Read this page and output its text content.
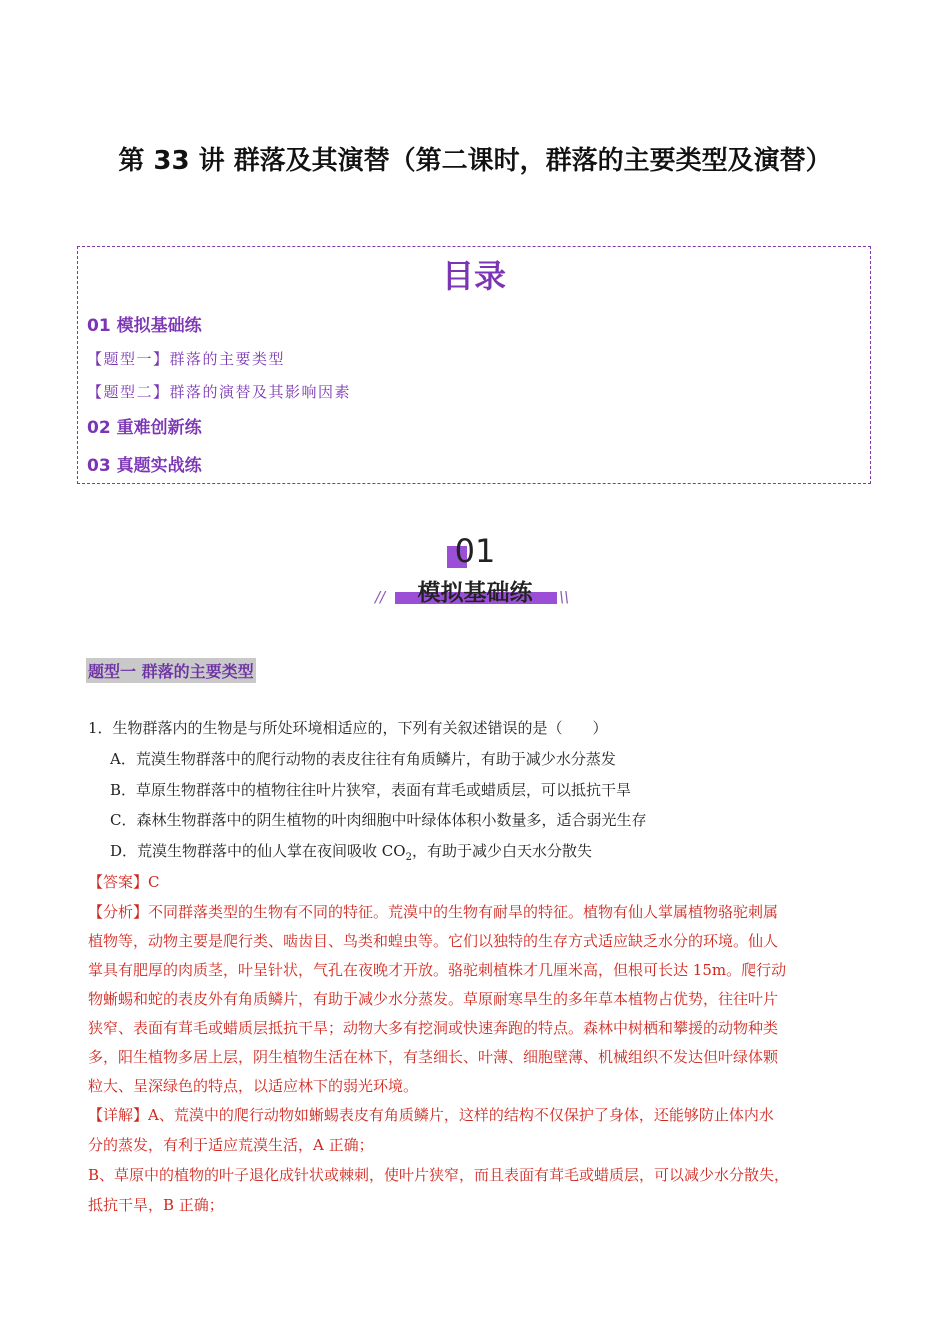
第 33 讲 群落及其演替（第二课时，群落的主要类型及演替）
目录
01 模拟基础练
【题型一】群落的主要类型
【题型二】群落的演替及其影响因素
02 重难创新练
03 真题实战练
01
模拟基础练
//	\\
题型一 群落的主要类型
1．生物群落内的生物是与所处环境相适应的，下列有关叙述错误的是（　　）
A．荒漠生物群落中的爬行动物的表皮往往有角质鳞片，有助于减少水分蒸发
B．草原生物群落中的植物往往叶片狭窄，表面有茸毛或蜡质层，可以抵抗干旱
C．森林生物群落中的阴生植物的叶肉细胞中叶绿体体积小数量多，适合弱光生存
D．荒漠生物群落中的仙人掌在夜间吸收 $CO_2$，有助于减少白天水分散失
【答案】C
【分析】不同群落类型的生物有不同的特征。荒漠中的生物有耐旱的特征。植物有仙人掌属植物骆驼刺属
植物等，动物主要是爬行类、啮齿目、鸟类和蝗虫等。它们以独特的生存方式适应缺乏水分的环境。仙人
掌具有肥厚的肉质茎，叶呈针状，气孔在夜晚才开放。骆驼刺植株才几厘米高，但根可长达 15m。爬行动
物蜥蜴和蛇的表皮外有角质鳞片，有助于减少水分蒸发。草原耐寒旱生的多年草本植物占优势，往往叶片
狭窄、表面有茸毛或蜡质层抵抗干旱；动物大多有挖洞或快速奔跑的特点。森林中树栖和攀援的动物种类
多，阳生植物多居上层，阴生植物生活在林下，有茎细长、叶薄、细胞壁薄、机械组织不发达但叶绿体颗
粒大、呈深绿色的特点，以适应林下的弱光环境。
【详解】A、荒漠中的爬行动物如蜥蜴表皮有角质鳞片，这样的结构不仅保护了身体，还能够防止体内水
分的蒸发，有利于适应荒漠生活，A 正确；
B、草原中的植物的叶子退化成针状或棘刺，使叶片狭窄，而且表面有茸毛或蜡质层，可以减少水分散失，
抵抗干旱，B 正确；
